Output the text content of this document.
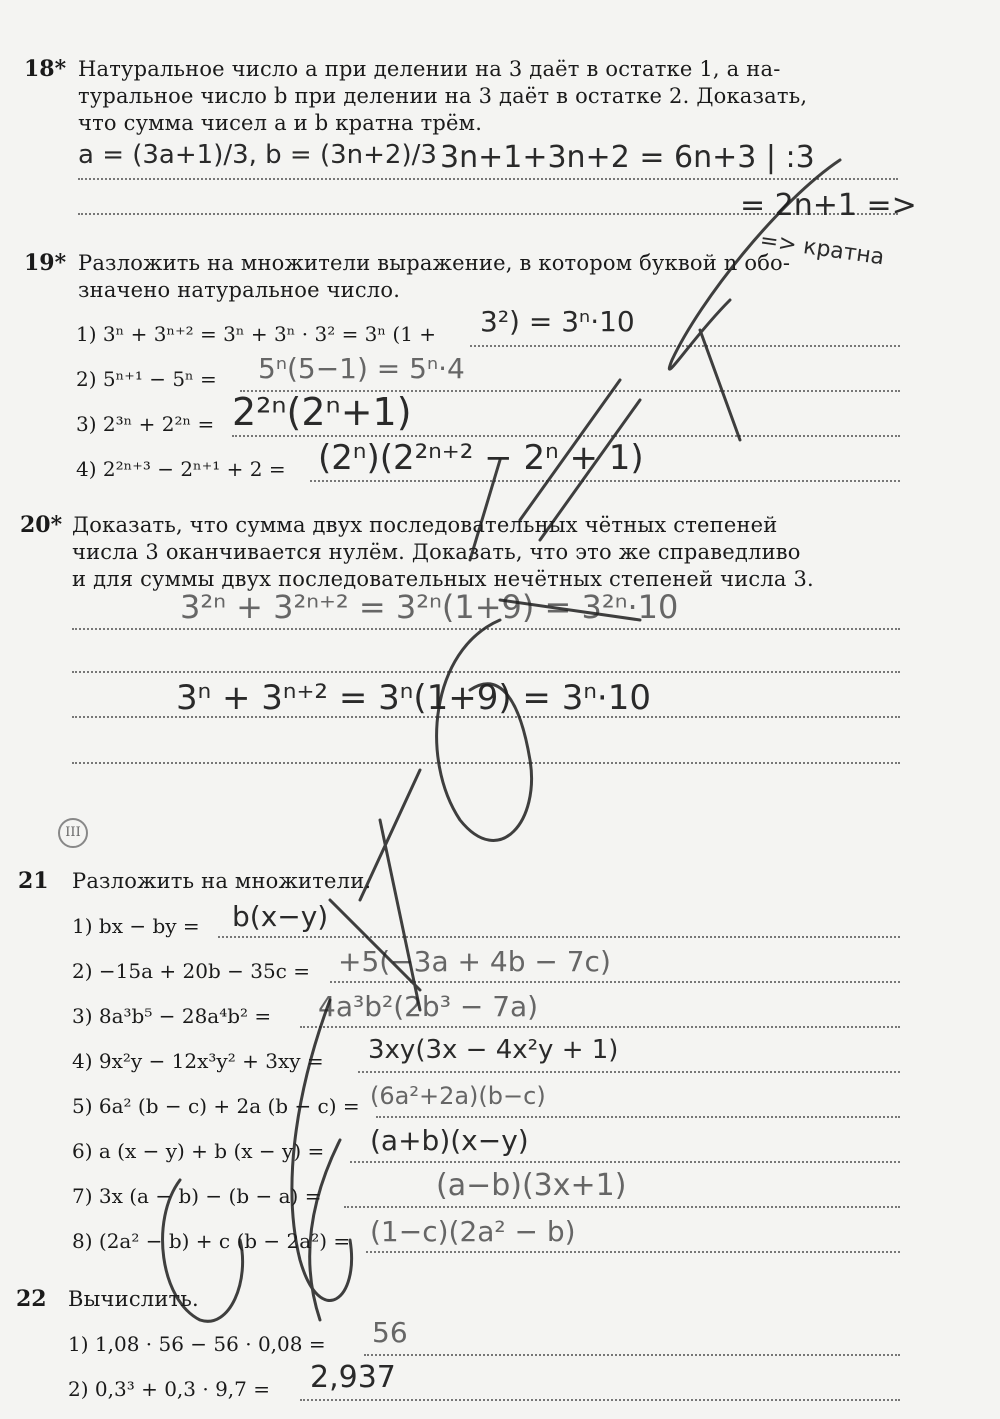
18* Натуральное число a при делении на 3 даёт в остатке 1, а на-
туральное число b при делении на 3 даёт в остатке 2. Доказать,
что сумма чисел a и b кратна трём.
a = (3a+1)/3, b = (3n+2)/3 3n+1+3n+2 = 6n+3 | :3
= 2n+1 =>
=> кратна
19* Разложить на множители выражение, в котором буквой n обо-
значено натуральное число.
1) 3ⁿ + 3ⁿ⁺² = 3ⁿ + 3ⁿ · 3² = 3ⁿ (1 + 3²) = 3ⁿ·10
2) 5ⁿ⁺¹ − 5ⁿ = 5ⁿ(5−1) = 5ⁿ·4
3) 2³ⁿ + 2²ⁿ = 2²ⁿ(2ⁿ+1)
4) 2²ⁿ⁺³ − 2ⁿ⁺¹ + 2 = (2ⁿ)(2²ⁿ⁺² − 2ⁿ + 1)
20* Доказать, что сумма двух последовательных чётных степеней
числа 3 оканчивается нулём. Доказать, что это же справедливо
и для суммы двух последовательных нечётных степеней числа 3.
3²ⁿ + 3²ⁿ⁺² = 3²ⁿ(1+9) = 3²ⁿ·10
3ⁿ + 3ⁿ⁺² = 3ⁿ(1+9) = 3ⁿ·10
III
21 Разложить на множители.
1) bx − by = b(x−y)
2) −15a + 20b − 35c = +5(−3a + 4b − 7c)
3) 8a³b⁵ − 28a⁴b² = 4a³b²(2b³ − 7a)
4) 9x²y − 12x³y² + 3xy = 3xy(3x − 4x²y + 1)
5) 6a² (b − c) + 2a (b − c) = (6a²+2a)(b−c)
6) a (x − y) + b (x − y) = (a+b)(x−y)
7) 3x (a − b) − (b − a) =	(a−b)(3x+1)
8) (2a² − b) + c (b − 2a²) = (1−c)(2a² − b)
22 Вычислить.
1) 1,08 · 56 − 56 · 0,08 = 56
2) 0,3³ + 0,3 · 9,7 = 2,937
